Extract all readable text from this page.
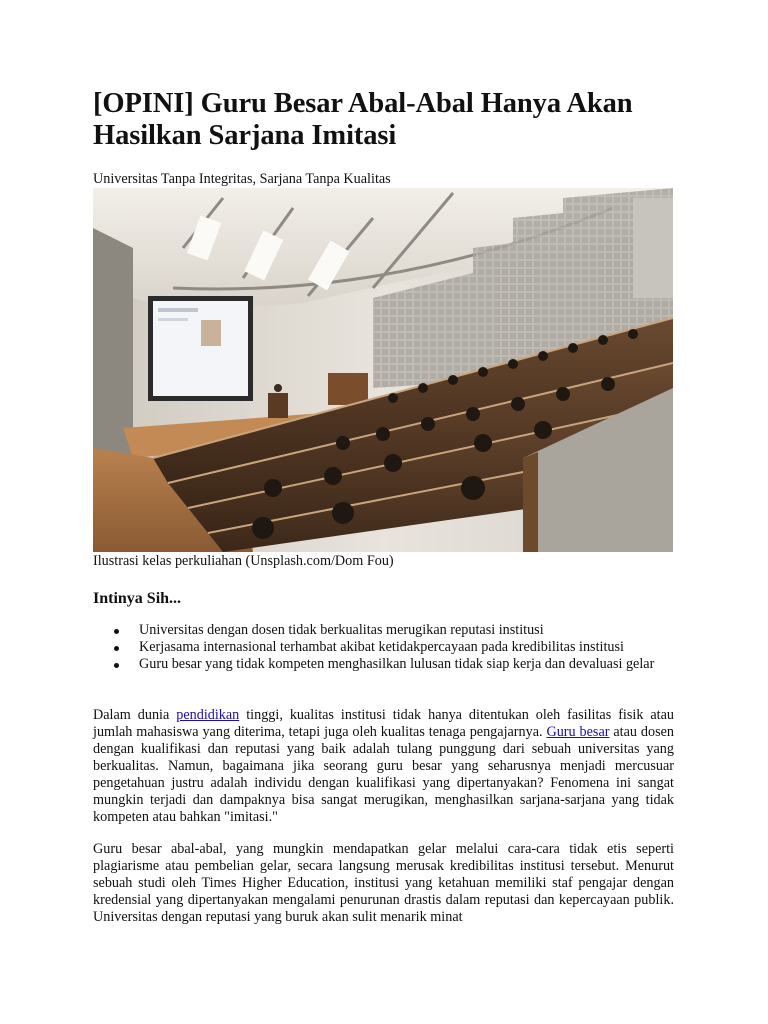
[OPINI] Guru Besar Abal-Abal Hanya Akan Hasilkan Sarjana Imitasi

Universitas Tanpa Integritas, Sarjana Tanpa Kualitas

Ilustrasi kelas perkuliahan (Unsplash.com/Dom Fou)

Intinya Sih...
Universitas dengan dosen tidak berkualitas merugikan reputasi institusi
Kerjasama internasional terhambat akibat ketidakpercayaan pada kredibilitas institusi
Guru besar yang tidak kompeten menghasilkan lulusan tidak siap kerja dan devaluasi gelar

Dalam dunia pendidikan tinggi, kualitas institusi tidak hanya ditentukan oleh fasilitas fisik atau jumlah mahasiswa yang diterima, tetapi juga oleh kualitas tenaga pengajarnya. Guru besar atau dosen dengan kualifikasi dan reputasi yang baik adalah tulang punggung dari sebuah universitas yang berkualitas. Namun, bagaimana jika seorang guru besar yang seharusnya menjadi mercusuar pengetahuan justru adalah individu dengan kualifikasi yang dipertanyakan? Fenomena ini sangat mungkin terjadi dan dampaknya bisa sangat merugikan, menghasilkan sarjana-sarjana yang tidak kompeten atau bahkan "imitasi."

Guru besar abal-abal, yang mungkin mendapatkan gelar melalui cara-cara tidak etis seperti plagiarisme atau pembelian gelar, secara langsung merusak kredibilitas institusi tersebut. Menurut sebuah studi oleh Times Higher Education, institusi yang ketahuan memiliki staf pengajar dengan kredensial yang dipertanyakan mengalami penurunan drastis dalam reputasi dan kepercayaan publik. Universitas dengan reputasi yang buruk akan sulit menarik minat
